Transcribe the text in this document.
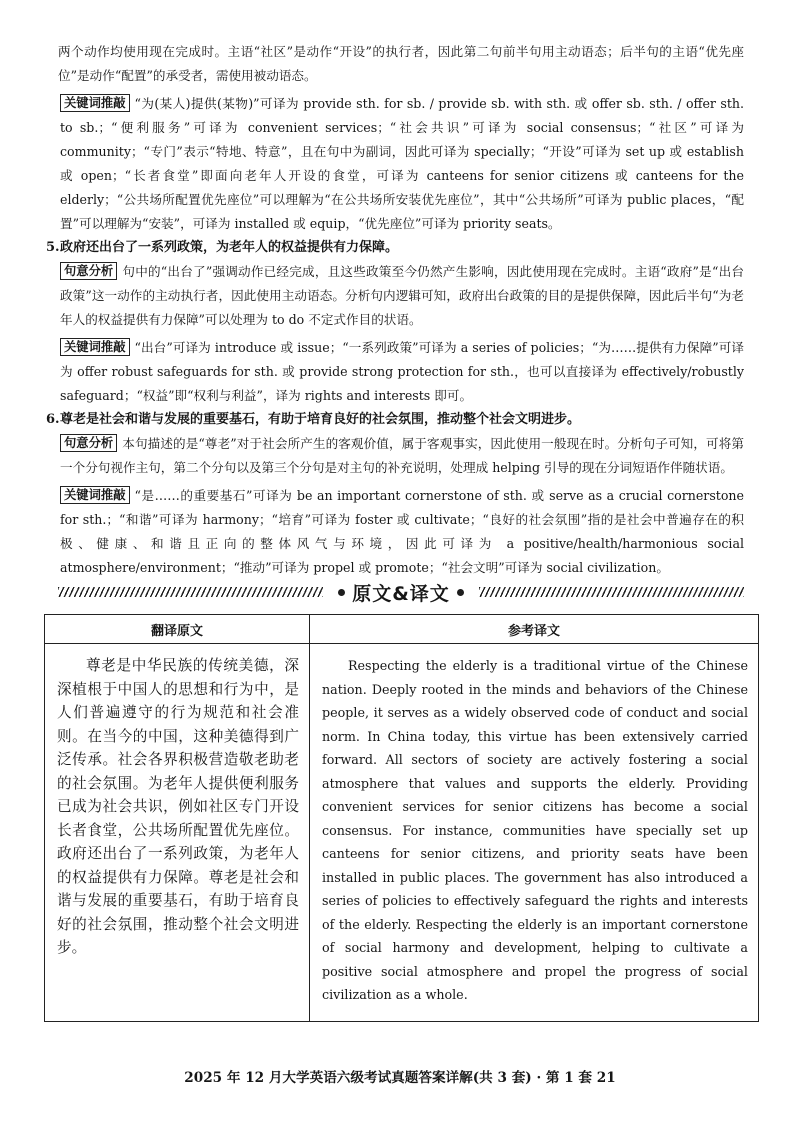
两个动作均使用现在完成时。主语“社区”是动作“开设”的执行者，因此第二句前半句用主动语态；后半句的主语“优先座位”是动作“配置”的承受者，需使用被动语态。

关键词推敲 “为(某人)提供(某物)”可译为 provide sth. for sb. / provide sb. with sth. 或 offer sb. sth. / offer sth. to sb.；“便利服务”可译为 convenient services；“社会共识”可译为 social consensus；“社区”可译为 community；“专门”表示“特地、特意”，且在句中为副词，因此可译为 specially；“开设”可译为 set up 或 establish 或 open；“长者食堂”即面向老年人开设的食堂，可译为 canteens for senior citizens 或 canteens for the elderly；“公共场所配置优先座位”可以理解为“在公共场所安装优先座位”，其中“公共场所”可译为 public places，“配置”可以理解为“安装”，可译为 installed 或 equip，“优先座位”可译为 priority seats。

5.政府还出台了一系列政策，为老年人的权益提供有力保障。

句意分析 句中的“出台了”强调动作已经完成，且这些政策至今仍然产生影响，因此使用现在完成时。主语“政府”是“出台政策”这一动作的主动执行者，因此使用主动语态。分析句内逻辑可知，政府出台政策的目的是提供保障，因此后半句“为老年人的权益提供有力保障”可以处理为 to do 不定式作目的状语。

关键词推敲 “出台”可译为 introduce 或 issue；“一系列政策”可译为 a series of policies；“为……提供有力保障”可译为 offer robust safeguards for sth. 或 provide strong protection for sth.，也可以直接译为 effectively/robustly safeguard；“权益”即“权利与利益”，译为 rights and interests 即可。

6.尊老是社会和谐与发展的重要基石，有助于培育良好的社会氛围，推动整个社会文明进步。

句意分析 本句描述的是“尊老”对于社会所产生的客观价值，属于客观事实，因此使用一般现在时。分析句子可知，可将第一个分句视作主句，第二个分句以及第三个分句是对主句的补充说明，处理成 helping 引导的现在分词短语作伴随状语。

关键词推敲 “是……的重要基石”可译为 be an important cornerstone of sth. 或 serve as a crucial cornerstone for sth.；“和谐”可译为 harmony；“培育”可译为 foster 或 cultivate；“良好的社会氛围”指的是社会中普遍存在的积极、健康、和谐且正向的整体风气与环境，因此可译为 a positive/health/harmonious social atmosphere/environment；“推动”可译为 propel 或 promote；“社会文明”可译为 social civilization。

原文&译文
翻译原文	参考译文

尊老是中华民族的传统美德，深深植根于中国人的思想和行为中，是人们普遍遵守的行为规范和社会准则。在当今的中国，这种美德得到广泛传承。社会各界积极营造敬老助老的社会氛围。为老年人提供便利服务已成为社会共识，例如社区专门开设长者食堂，公共场所配置优先座位。政府还出台了一系列政策，为老年人的权益提供有力保障。尊老是社会和谐与发展的重要基石，有助于培育良好的社会氛围，推动整个社会文明进步。	Respecting the elderly is a traditional virtue of the Chinese nation. Deeply rooted in the minds and behaviors of the Chinese people, it serves as a widely observed code of conduct and social norm. In China today, this virtue has been extensively carried forward. All sectors of society are actively fostering a social atmosphere that values and supports the elderly. Providing convenient services for senior citizens has become a social consensus. For instance, communities have specially set up canteens for senior citizens, and priority seats have been installed in public places. The government has also introduced a series of policies to effectively safeguard the rights and interests of the elderly. Respecting the elderly is an important cornerstone of social harmony and development, helping to cultivate a positive social atmosphere and propel the progress of social civilization as a whole.

2025 年 12 月大学英语六级考试真题答案详解(共 3 套) · 第 1 套 21
